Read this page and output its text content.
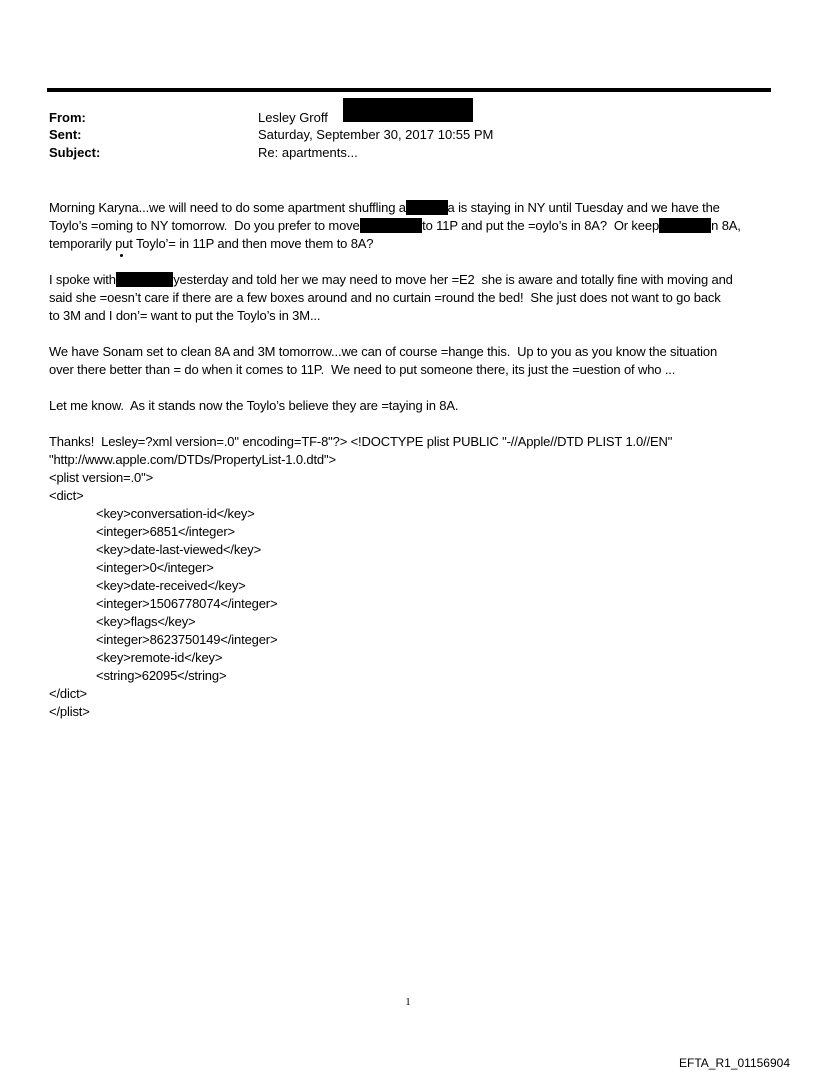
From:	Lesley Groff
Sent:	Saturday, September 30, 2017 10:55 PM
Subject:	Re: apartments...
Morning Karyna...we will need to do some apartment shuffling a	a is staying in NY until Tuesday and we have the
Toylo’s =oming to NY tomorrow.  Do you prefer to move	to 11P and put the =oylo’s in 8A?  Or keep	n 8A,
temporarily put Toylo’= in 11P and then move them to 8A?
I spoke with	yesterday and told her we may need to move her =E2  she is aware and totally fine with moving and
said she =oesn’t care if there are a few boxes around and no curtain =round the bed!  She just does not want to go back
to 3M and I don’= want to put the Toylo’s in 3M...
We have Sonam set to clean 8A and 3M tomorrow...we can of course =hange this.  Up to you as you know the situation
over there better than = do when it comes to 11P.  We need to put someone there, its just the =uestion of who ...
Let me know.  As it stands now the Toylo’s believe they are =taying in 8A.
Thanks!  Lesley=?xml version=.0" encoding=TF-8"?> <!DOCTYPE plist PUBLIC "-//Apple//DTD PLIST 1.0//EN"
"http://www.apple.com/DTDs/PropertyList-1.0.dtd">
<plist version=.0">
<dict>
<key>conversation-id</key>
<integer>6851</integer>
<key>date-last-viewed</key>
<integer>0</integer>
<key>date-received</key>
<integer>1506778074</integer>
<key>flags</key>
<integer>8623750149</integer>
<key>remote-id</key>
<string>62095</string>
</dict>
</plist>
1
EFTA_R1_01156904
